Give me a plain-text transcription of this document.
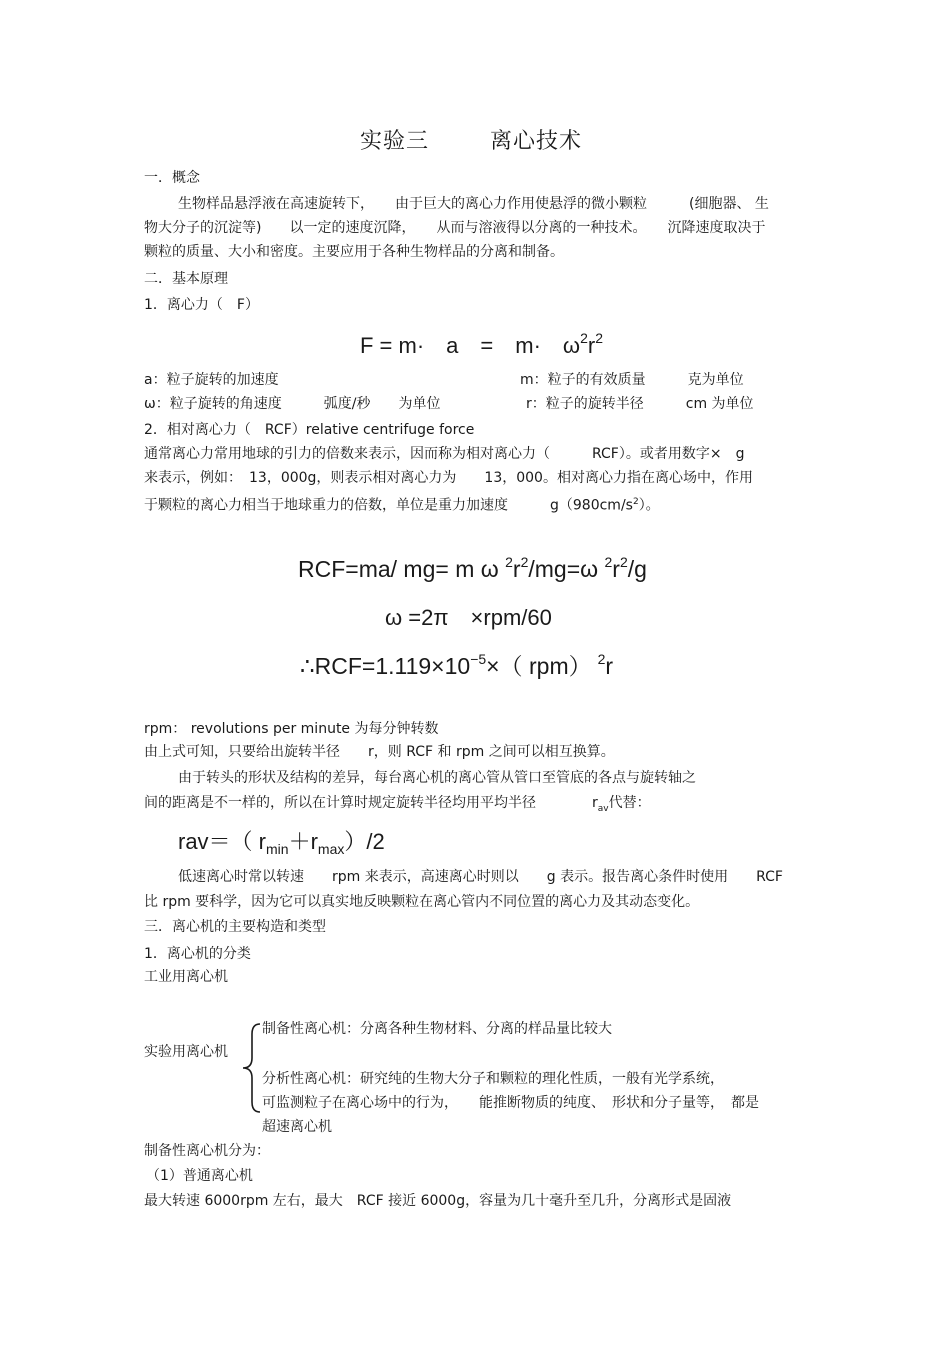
实验三	离心技术
一．概念
生物样品悬浮液在高速旋转下，　　由于巨大的离心力作用使悬浮的微小颗粒　　　(细胞器、 生
物大分子的沉淀等)　　以一定的速度沉降，　　从而与溶液得以分离的一种技术。　　沉降速度取决于
颗粒的质量、大小和密度。主要应用于各种生物样品的分离和制备。
二．基本原理
1．离心力（　F）
F = m·　a　=　m·　$\omega^2r^2$
a：粒子旋转的加速度	m：粒子的有效质量　　　克为单位
ω：粒子旋转的角速度　　　弧度/秒　　为单位	r：粒子的旋转半径　　　cm 为单位
2．相对离心力（　RCF）relative centrifuge force
通常离心力常用地球的引力的倍数来表示，因而称为相对离心力（　　　RCF）。或者用数字×　g
来表示，例如：　13，000g，则表示相对离心力为　　13，000。相对离心力指在离心场中，作用
于颗粒的离心力相当于地球重力的倍数，单位是重力加速度　　　$g(980cm/s^2)$。
RCF=ma/ mg= m ω $^2r^2/mg=\omega$ $^2r^2/g$
ω =2π　×rpm/60
$\therefore RCF=1.119\times 10^{-5}\times$（ rpm） $^2$r
rpm： revolutions per minute 为每分钟转数
由上式可知，只要给出旋转半径　　r，则 RCF 和 rpm 之间可以相互换算。
由于转头的形状及结构的差异，每台离心机的离心管从管口至管底的各点与旋转轴之
间的距离是不一样的，所以在计算时规定旋转半径均用平均半径　　　　$r_{av}$代替：
rav＝（ $r_{min}+r_{max})/2$
低速离心时常以转速　　rpm 来表示，高速离心时则以　　g 表示。报告离心条件时使用　　RCF
比 rpm 要科学，因为它可以真实地反映颗粒在离心管内不同位置的离心力及其动态变化。
三．离心机的主要构造和类型
1．离心机的分类
工业用离心机
实验用离心机
制备性离心机：分离各种生物材料、分离的样品量比较大
分析性离心机：研究纯的生物大分子和颗粒的理化性质，一般有光学系统，
可监测粒子在离心场中的行为，　　能推断物质的纯度、　形状和分子量等，　都是
超速离心机
制备性离心机分为：
（1）普通离心机
最大转速 6000rpm 左右，最大　RCF 接近 6000g，容量为几十毫升至几升，分离形式是固液
